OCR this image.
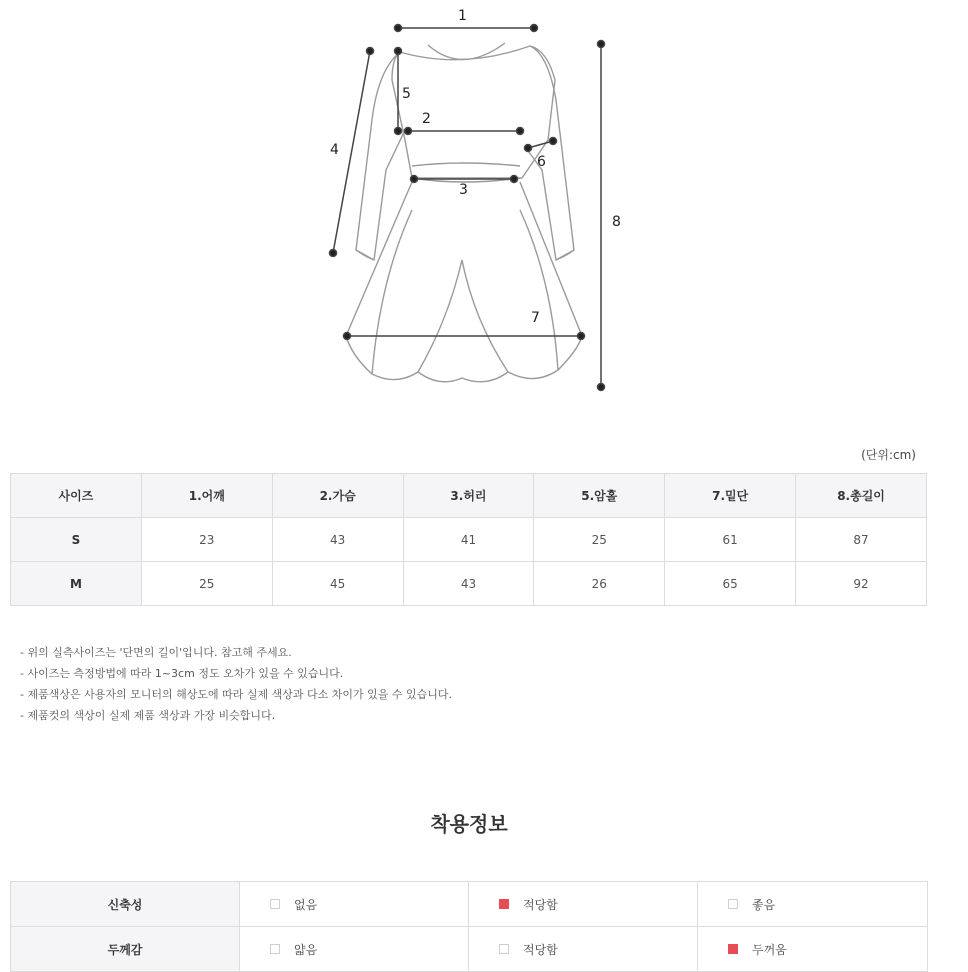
1
2
3
4
5
6
7
8
(단위:cm)
사이즈	1.어깨	2.가슴	3.허리	5.암홀	7.밑단	8.총길이
S	23	43	41	25	61	87
M	25	45	43	26	65	92
- 위의 실측사이즈는 '단면의 길이'입니다. 참고해 주세요.
- 사이즈는 측정방법에 따라 1~3cm 정도 오차가 있을 수 있습니다.
- 제품색상은 사용자의 모니터의 해상도에 따라 실제 색상과 다소 차이가 있을 수 있습니다.
- 제품컷의 색상이 실제 제품 색상과 가장 비슷합니다.
착용정보
신축성	없음	적당함	좋음
두께감	얇음	적당함	두꺼움
